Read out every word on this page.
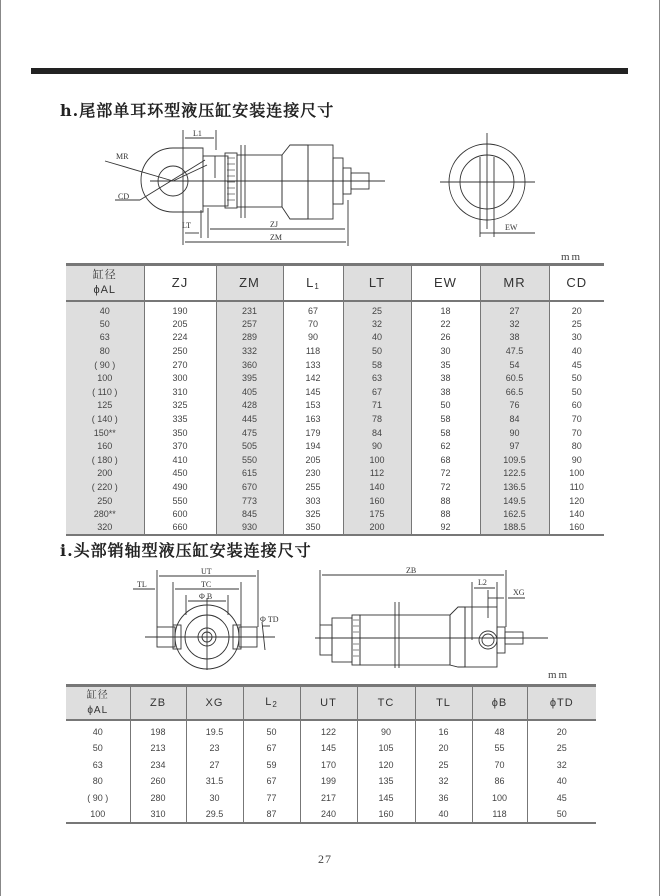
h.尾部单耳环型液压缸安装连接尺寸
MR
CD
L1
LT	ZJ
ZM
EW
mm
缸径
ϕAL	ZJ	ZM	$L_1$	LT	EW	MR	CD
40	190	231	67	25	18	27	20
50	205	257	70	32	22	32	25
63	224	289	90	40	26	38	30
80	250	332	118	50	30	47.5	40
( 90 )	270	360	133	58	35	54	45
100	300	395	142	63	38	60.5	50
( 110 )	310	405	145	67	38	66.5	50
125	325	428	153	71	50	76	60
( 140 )	335	445	163	78	58	84	70
150**	350	475	179	84	58	90	70
160	370	505	194	90	62	97	80
( 180 )	410	550	205	100	68	109.5	90
200	450	615	230	112	72	122.5	100
( 220 )	490	670	255	140	72	136.5	110
250	550	773	303	160	88	149.5	120
280**	600	845	325	175	88	162.5	140
320	660	930	350	200	92	188.5	160
i.头部销轴型液压缸安装连接尺寸
UT
TL	TC
Φ B
Φ TD
ZB
L2
XG
mm
缸径
ϕAL	ZB	XG	$L_2$	UT	TC	TL	ϕB	ϕTD
40	198	19.5	50	122	90	16	48	20
50	213	23	67	145	105	20	55	25
63	234	27	59	170	120	25	70	32
80	260	31.5	67	199	135	32	86	40
( 90 )	280	30	77	217	145	36	100	45
100	310	29.5	87	240	160	40	118	50
27
